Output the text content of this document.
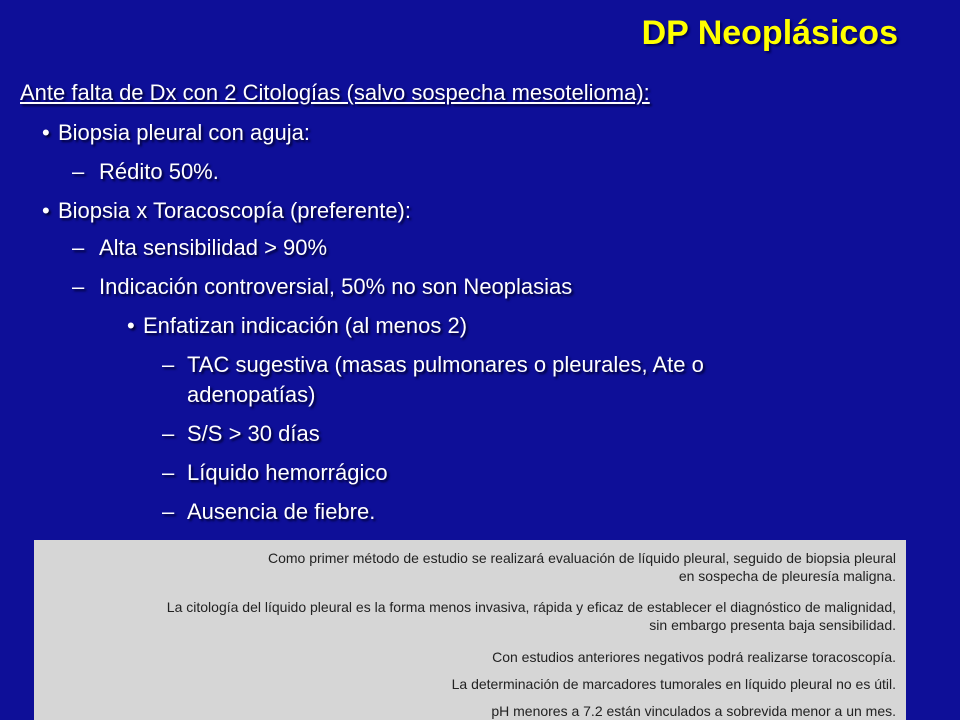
DP Neoplásicos
Ante falta de Dx con 2 Citologías (salvo sospecha mesotelioma):
• Biopsia pleural con aguja:
– Rédito 50%.
• Biopsia x Toracoscopía (preferente):
– Alta sensibilidad > 90%
– Indicación controversial, 50% no son Neoplasias
• Enfatizan indicación (al menos 2)
– TAC sugestiva (masas pulmonares o pleurales, Ate o
adenopatías)
– S/S > 30 días
– Líquido hemorrágico
– Ausencia de fiebre.
Como primer método de estudio se realizará evaluación de líquido pleural, seguido de biopsia pleural
en sospecha de pleuresía maligna.
La citología del líquido pleural es la forma menos invasiva, rápida y eficaz de establecer el diagnóstico de malignidad,
sin embargo presenta baja sensibilidad.
Con estudios anteriores negativos podrá realizarse toracoscopía.
La determinación de marcadores tumorales en líquido pleural no es útil.
pH menores a 7.2 están vinculados a sobrevida menor a un mes.
